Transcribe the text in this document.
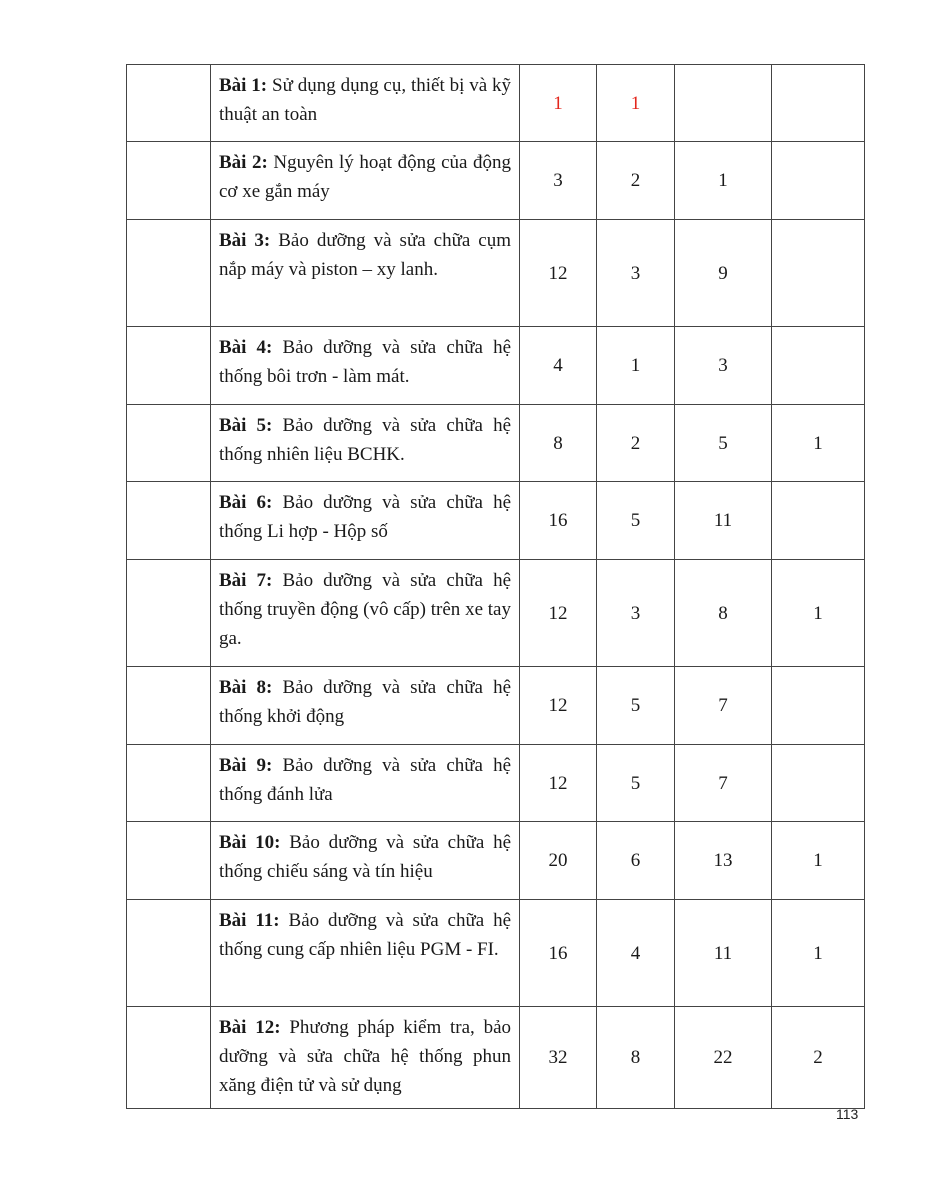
	Bài 1: Sử dụng dụng cụ, thiết bị và kỹ thuật an toàn	1	1		
	Bài 2: Nguyên lý hoạt động của động cơ xe gắn máy	3	2	1	
	Bài 3: Bảo dưỡng và sửa chữa cụm nắp máy và piston – xy lanh.	12	3	9	
	Bài 4: Bảo dưỡng và sửa chữa hệ thống bôi trơn - làm mát.	4	1	3	
	Bài 5: Bảo dưỡng và sửa chữa hệ thống nhiên liệu BCHK.	8	2	5	1
	Bài 6: Bảo dưỡng và sửa chữa hệ thống Li hợp - Hộp số	16	5	11	
	Bài 7: Bảo dưỡng và sửa chữa hệ thống truyền động (vô cấp) trên xe tay ga.	12	3	8	1
	Bài 8: Bảo dưỡng và sửa chữa hệ thống khởi động	12	5	7	
	Bài 9: Bảo dưỡng và sửa chữa hệ thống đánh lửa	12	5	7	
	Bài 10: Bảo dưỡng và sửa chữa hệ thống chiếu sáng và tín hiệu	20	6	13	1
	Bài 11: Bảo dưỡng và sửa chữa hệ thống cung cấp nhiên liệu PGM - FI.	16	4	11	1
	Bài 12: Phương pháp kiểm tra, bảo dưỡng và sửa chữa hệ thống phun xăng điện tử và sử dụng	32	8	22	2
113
